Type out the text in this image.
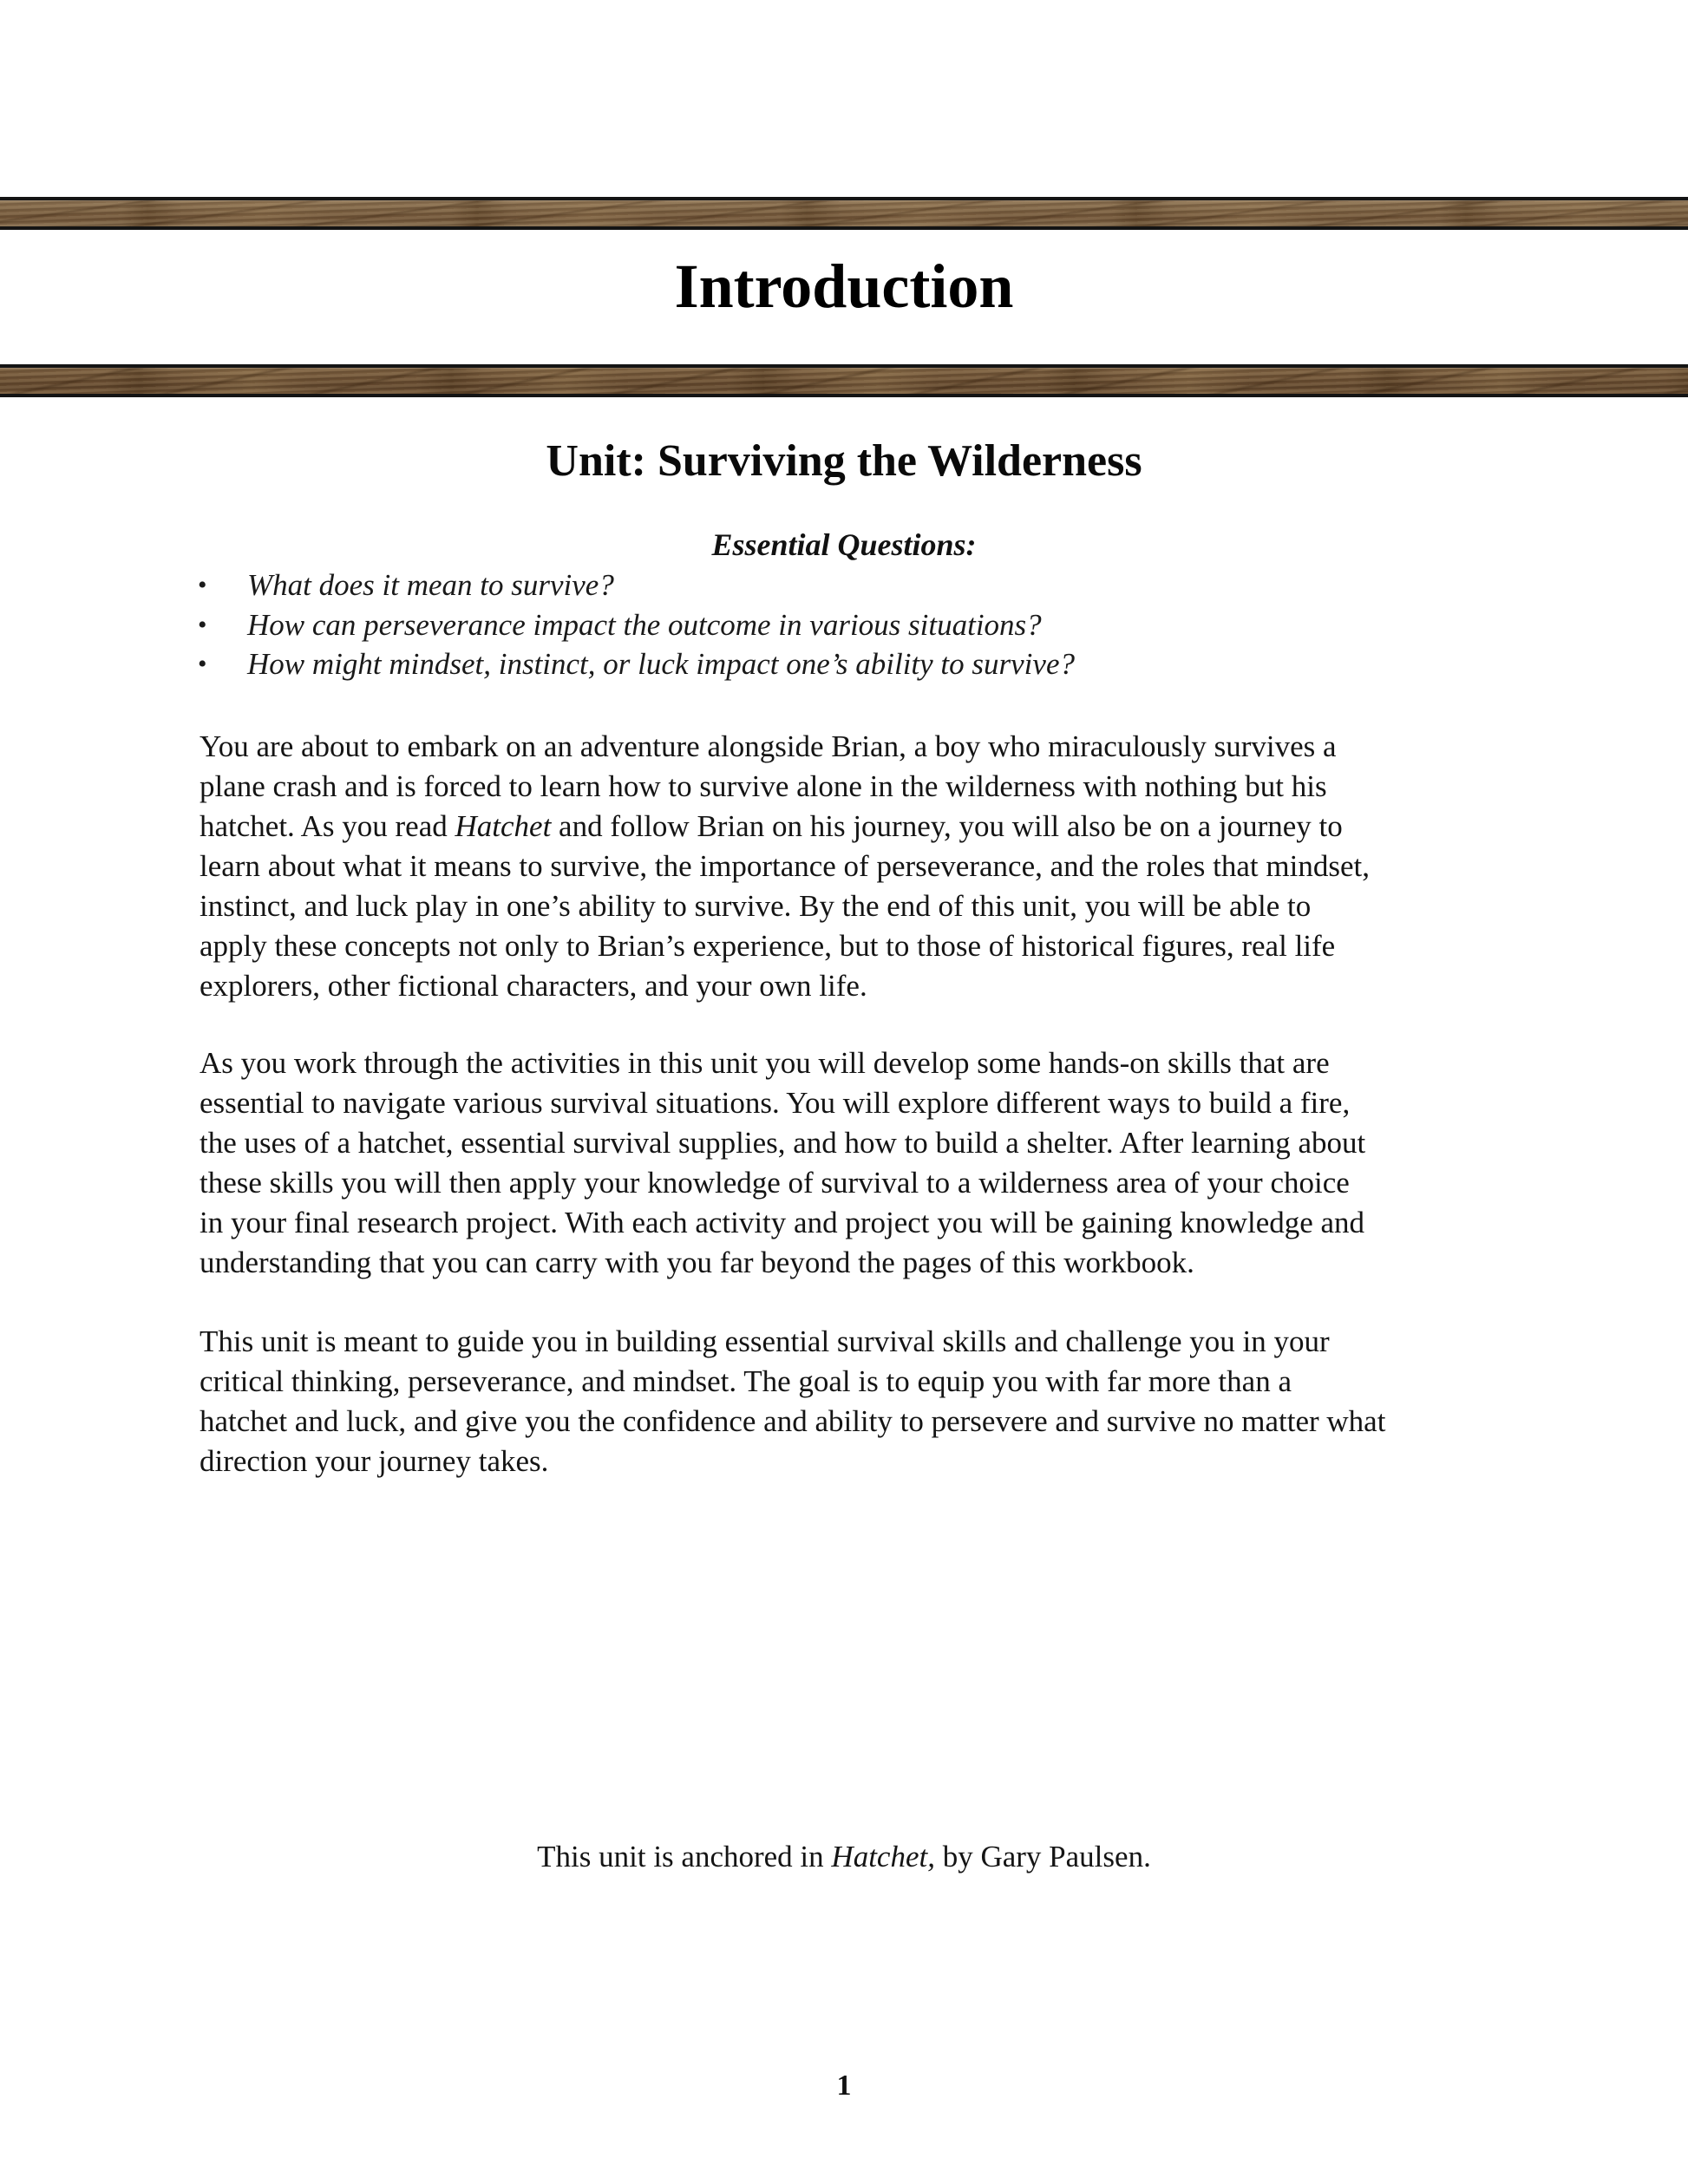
Introduction
Unit: Surviving the Wilderness
Essential Questions:
• What does it mean to survive?
• How can perseverance impact the outcome in various situations?
• How might mindset, instinct, or luck impact one’s ability to survive?

You are about to embark on an adventure alongside Brian, a boy who miraculously survives a
plane crash and is forced to learn how to survive alone in the wilderness with nothing but his
hatchet. As you read Hatchet and follow Brian on his journey, you will also be on a journey to
learn about what it means to survive, the importance of perseverance, and the roles that mindset,
instinct, and luck play in one’s ability to survive. By the end of this unit, you will be able to
apply these concepts not only to Brian’s experience, but to those of historical figures, real life
explorers, other fictional characters, and your own life.

As you work through the activities in this unit you will develop some hands-on skills that are
essential to navigate various survival situations. You will explore different ways to build a fire,
the uses of a hatchet, essential survival supplies, and how to build a shelter. After learning about
these skills you will then apply your knowledge of survival to a wilderness area of your choice
in your final research project. With each activity and project you will be gaining knowledge and
understanding that you can carry with you far beyond the pages of this workbook.

This unit is meant to guide you in building essential survival skills and challenge you in your
critical thinking, perseverance, and mindset. The goal is to equip you with far more than a
hatchet and luck, and give you the confidence and ability to persevere and survive no matter what
direction your journey takes.

This unit is anchored in Hatchet, by Gary Paulsen.
1
